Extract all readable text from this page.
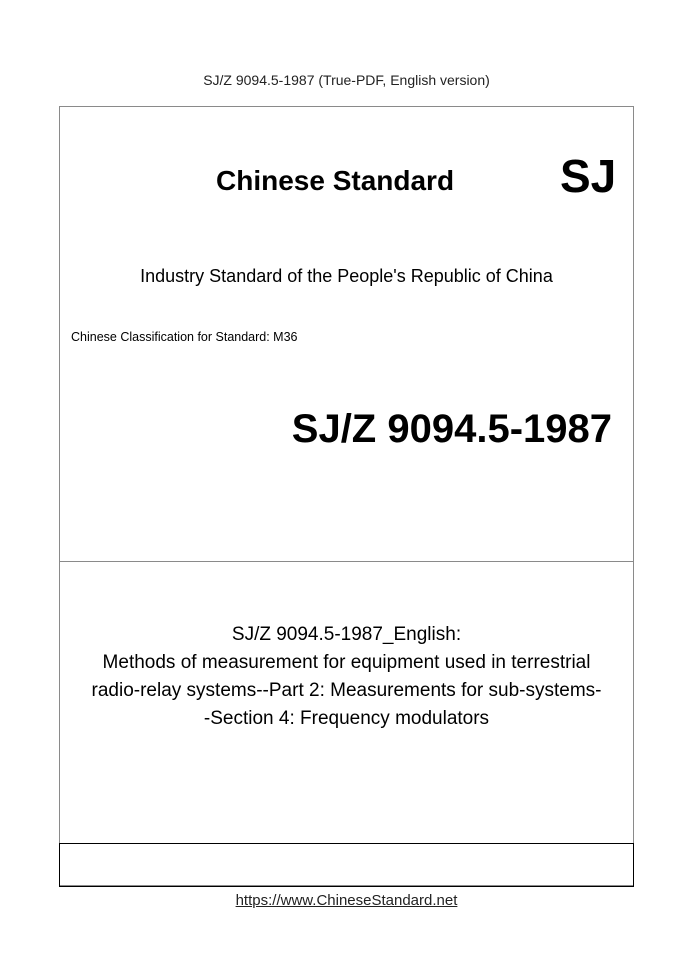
SJ/Z 9094.5-1987 (True-PDF, English version)
Chinese Standard SJ
Industry Standard of the People's Republic of China
Chinese Classification for Standard: M36
SJ/Z 9094.5-1987
SJ/Z 9094.5-1987_English:
Methods of measurement for equipment used in terrestrial
radio-relay systems--Part 2: Measurements for sub-systems-
-Section 4: Frequency modulators
https://www.ChineseStandard.net
